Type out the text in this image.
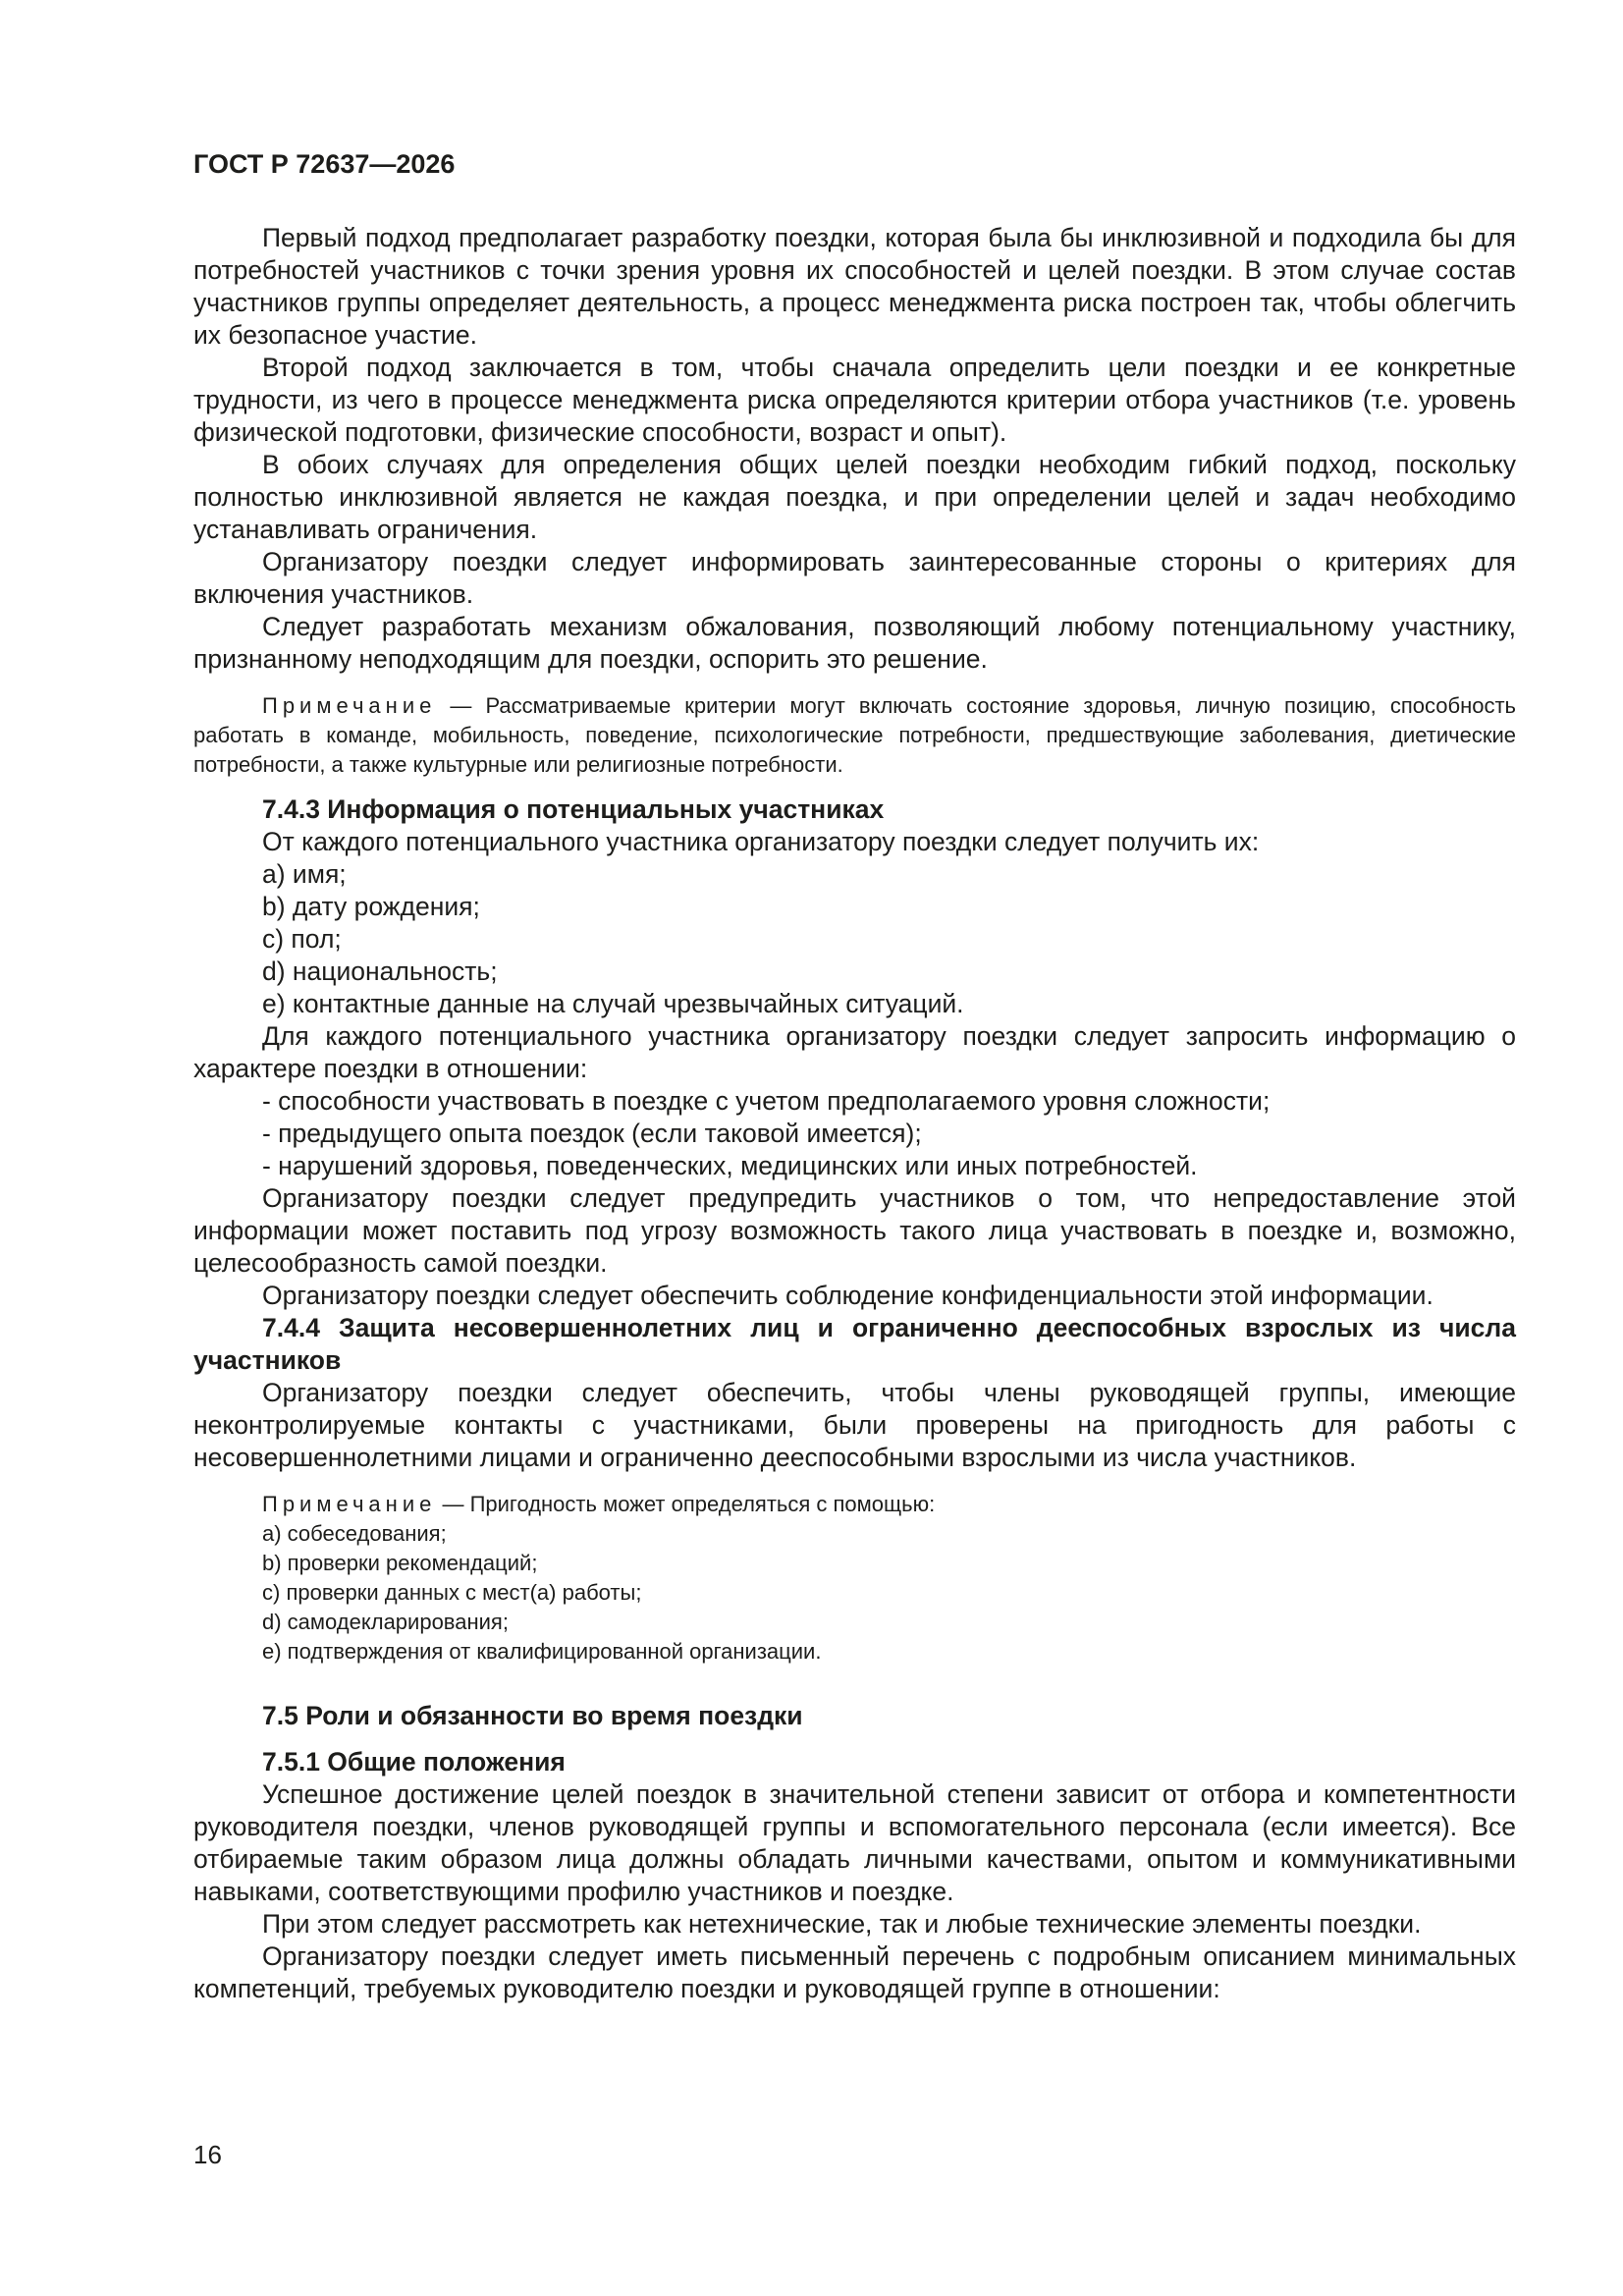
ГОСТ Р 72637—2026

Первый подход предполагает разработку поездки, которая была бы инклюзивной и подходила бы для потребностей участников с точки зрения уровня их способностей и целей поездки. В этом случае состав участников группы определяет деятельность, а процесс менеджмента риска построен так, чтобы облегчить их безопасное участие.

Второй подход заключается в том, чтобы сначала определить цели поездки и ее конкретные трудности, из чего в процессе менеджмента риска определяются критерии отбора участников (т.е. уровень физической подготовки, физические способности, возраст и опыт).

В обоих случаях для определения общих целей поездки необходим гибкий подход, поскольку полностью инклюзивной является не каждая поездка, и при определении целей и задач необходимо устанавливать ограничения.

Организатору поездки следует информировать заинтересованные стороны о критериях для включения участников.

Следует разработать механизм обжалования, позволяющий любому потенциальному участнику, признанному неподходящим для поездки, оспорить это решение.

Примечание — Рассматриваемые критерии могут включать состояние здоровья, личную позицию, способность работать в команде, мобильность, поведение, психологические потребности, предшествующие заболевания, диетические потребности, а также культурные или религиозные потребности.

7.4.3 Информация о потенциальных участниках

От каждого потенциального участника организатору поездки следует получить их:

a) имя;

b) дату рождения;

c) пол;

d) национальность;

e) контактные данные на случай чрезвычайных ситуаций.

Для каждого потенциального участника организатору поездки следует запросить информацию о характере поездки в отношении:

- способности участвовать в поездке с учетом предполагаемого уровня сложности;

- предыдущего опыта поездок (если таковой имеется);

- нарушений здоровья, поведенческих, медицинских или иных потребностей.

Организатору поездки следует предупредить участников о том, что непредоставление этой информации может поставить под угрозу возможность такого лица участвовать в поездке и, возможно, целесообразность самой поездки.

Организатору поездки следует обеспечить соблюдение конфиденциальности этой информации.

7.4.4 Защита несовершеннолетних лиц и ограниченно дееспособных взрослых из числа участников

Организатору поездки следует обеспечить, чтобы члены руководящей группы, имеющие неконтролируемые контакты с участниками, были проверены на пригодность для работы с несовершеннолетними лицами и ограниченно дееспособными взрослыми из числа участников.

Примечание — Пригодность может определяться с помощью:

a) собеседования;

b) проверки рекомендаций;

c) проверки данных с мест(а) работы;

d) самодекларирования;

e) подтверждения от квалифицированной организации.

7.5 Роли и обязанности во время поездки

7.5.1 Общие положения

Успешное достижение целей поездок в значительной степени зависит от отбора и компетентности руководителя поездки, членов руководящей группы и вспомогательного персонала (если имеется). Все отбираемые таким образом лица должны обладать личными качествами, опытом и коммуникативными навыками, соответствующими профилю участников и поездке.

При этом следует рассмотреть как нетехнические, так и любые технические элементы поездки.

Организатору поездки следует иметь письменный перечень с подробным описанием минимальных компетенций, требуемых руководителю поездки и руководящей группе в отношении:

16
